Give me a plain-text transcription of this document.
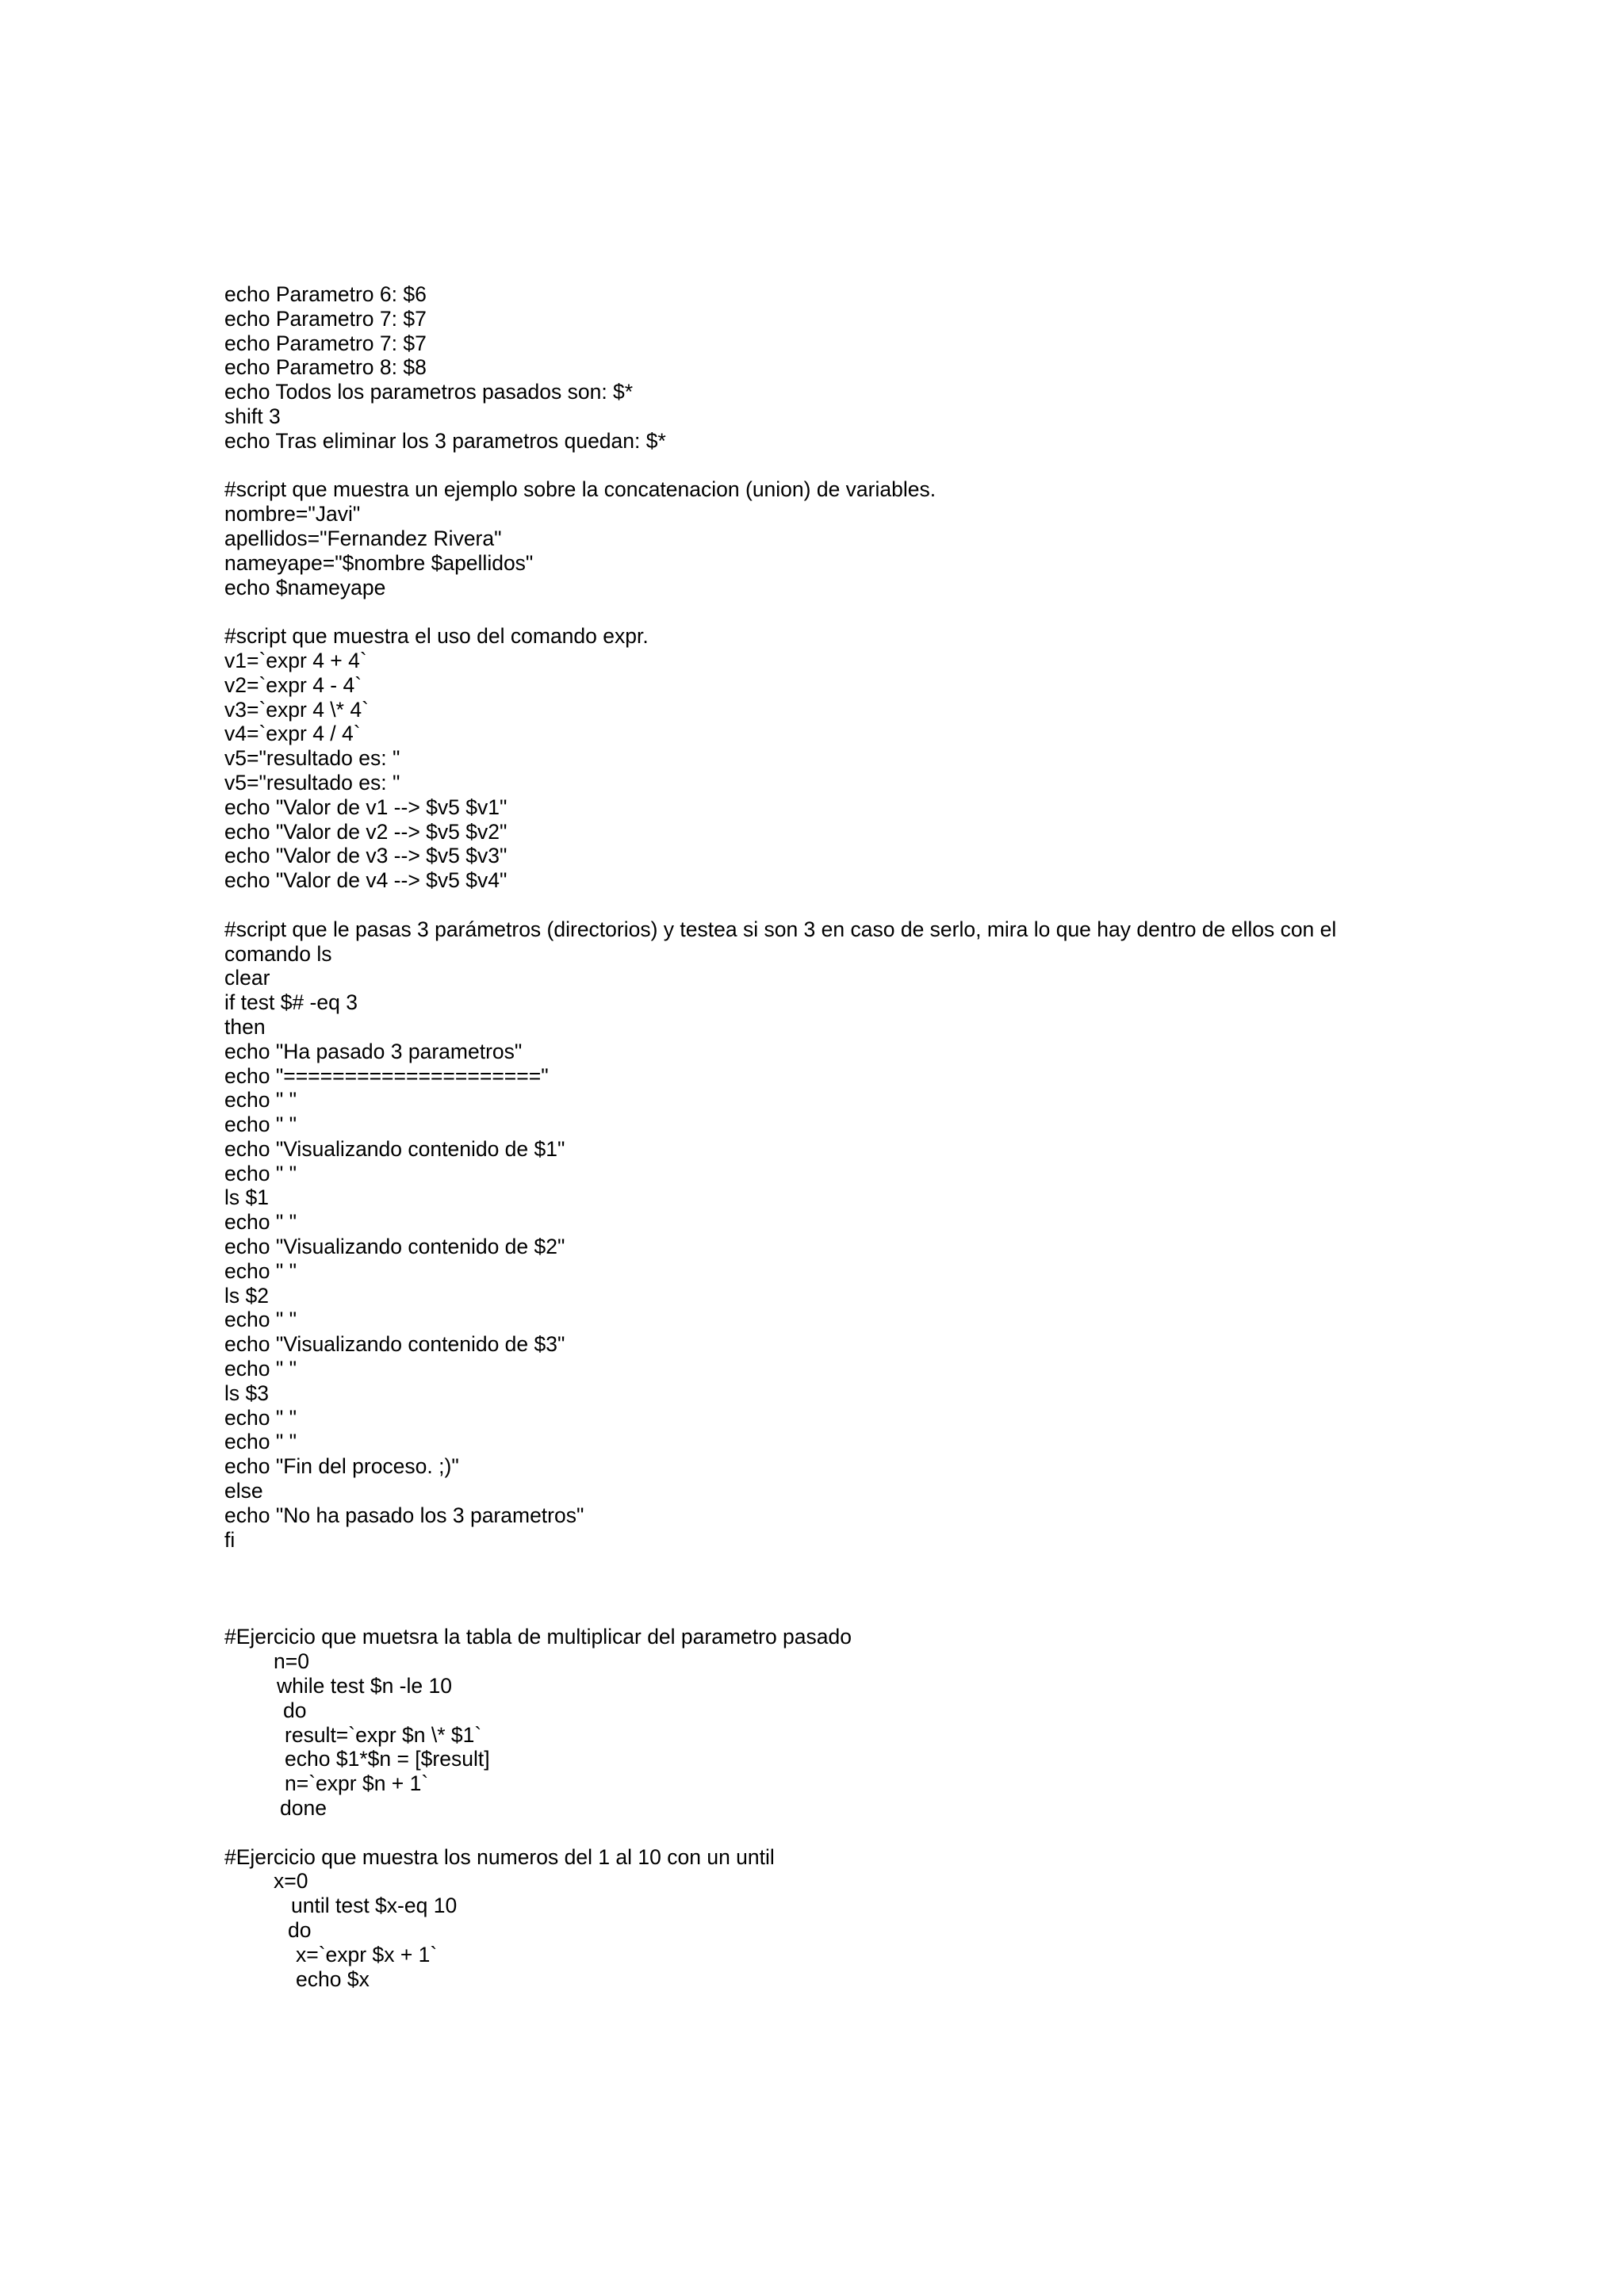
echo Parametro 6: $6
echo Parametro 7: $7
echo Parametro 7: $7
echo Parametro 8: $8
echo Todos los parametros pasados son: $*
shift 3
echo Tras eliminar los 3 parametros quedan: $*
#script que muestra un ejemplo sobre la concatenacion (union) de variables.
nombre="Javi"
apellidos="Fernandez Rivera"
nameyape="$nombre $apellidos"
echo $nameyape
#script que muestra el uso del comando expr.
v1=`expr 4 + 4`
v2=`expr 4 - 4`
v3=`expr 4 \* 4`
v4=`expr 4 / 4`
v5="resultado es: "
v5="resultado es: "
echo "Valor de v1 --> $v5 $v1"
echo "Valor de v2 --> $v5 $v2"
echo "Valor de v3 --> $v5 $v3"
echo "Valor de v4 --> $v5 $v4"
#script que le pasas 3 parámetros (directorios) y testea si son 3 en caso de serlo, mira lo que hay dentro de ellos con el comando ls
clear
if test $# -eq 3
then
echo "Ha pasado 3 parametros"
echo "====================="
echo " "
echo " "
echo "Visualizando contenido de $1"
echo " "
ls $1
echo " "
echo "Visualizando contenido de $2"
echo " "
ls $2
echo " "
echo "Visualizando contenido de $3"
echo " "
ls $3
echo " "
echo " "
echo "Fin del proceso. ;)"
else
echo "No ha pasado los 3 parametros"
fi
#Ejercicio que muetsra la tabla de multiplicar del parametro pasado
n=0
while test $n -le 10
do
result=`expr $n \* $1`
echo $1*$n = [$result]
n=`expr $n + 1`
done
#Ejercicio que muestra los numeros del 1 al 10 con un until
x=0
until test $x-eq 10
do
x=`expr $x + 1`
echo $x
